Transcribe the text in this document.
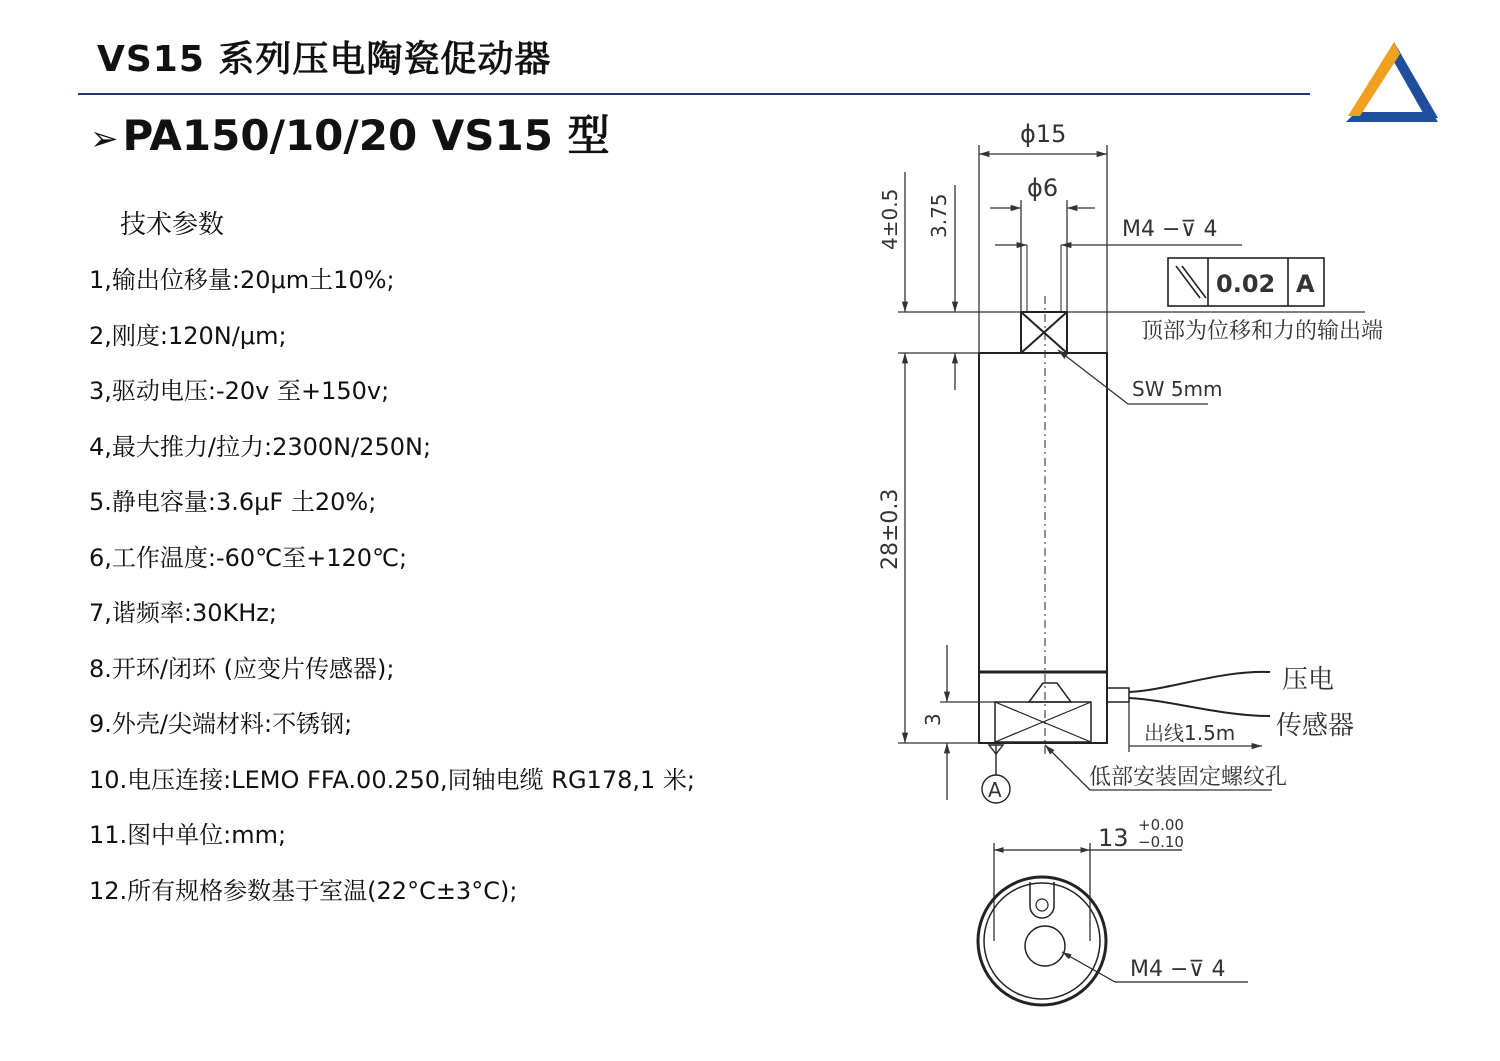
VS15 系列压电陶瓷促动器
➢PA150/10/20 VS15 型
技术参数
1,输出位移量:20μm土10%;
2,刚度:120N/μm;
3,驱动电压:-20v 至+150v;
4,最大推力/拉力:2300N/250N;
5.静电容量:3.6μF 土20%;
6,工作温度:-60℃至+120℃;
7,谐频率:30KHz;
8.开环/闭环 (应变片传感器);
9.外壳/尖端材料:不锈钢;
10.电压连接:LEMO FFA.00.250,同轴电缆 RG178,1 米;
11.图中单位:mm;
12.所有规格参数基于室温(22°C±3°C);
ϕ15
ϕ6
4±0.5 3.75	M4 −⊽ 4
0.02 A
顶部为位移和力的输出端
SW 5mm
28±0.3
3
压电
传感器
出线1.5m
A	低部安装固定螺纹孔
13 +0.00
−0.10
M4 −⊽ 4
